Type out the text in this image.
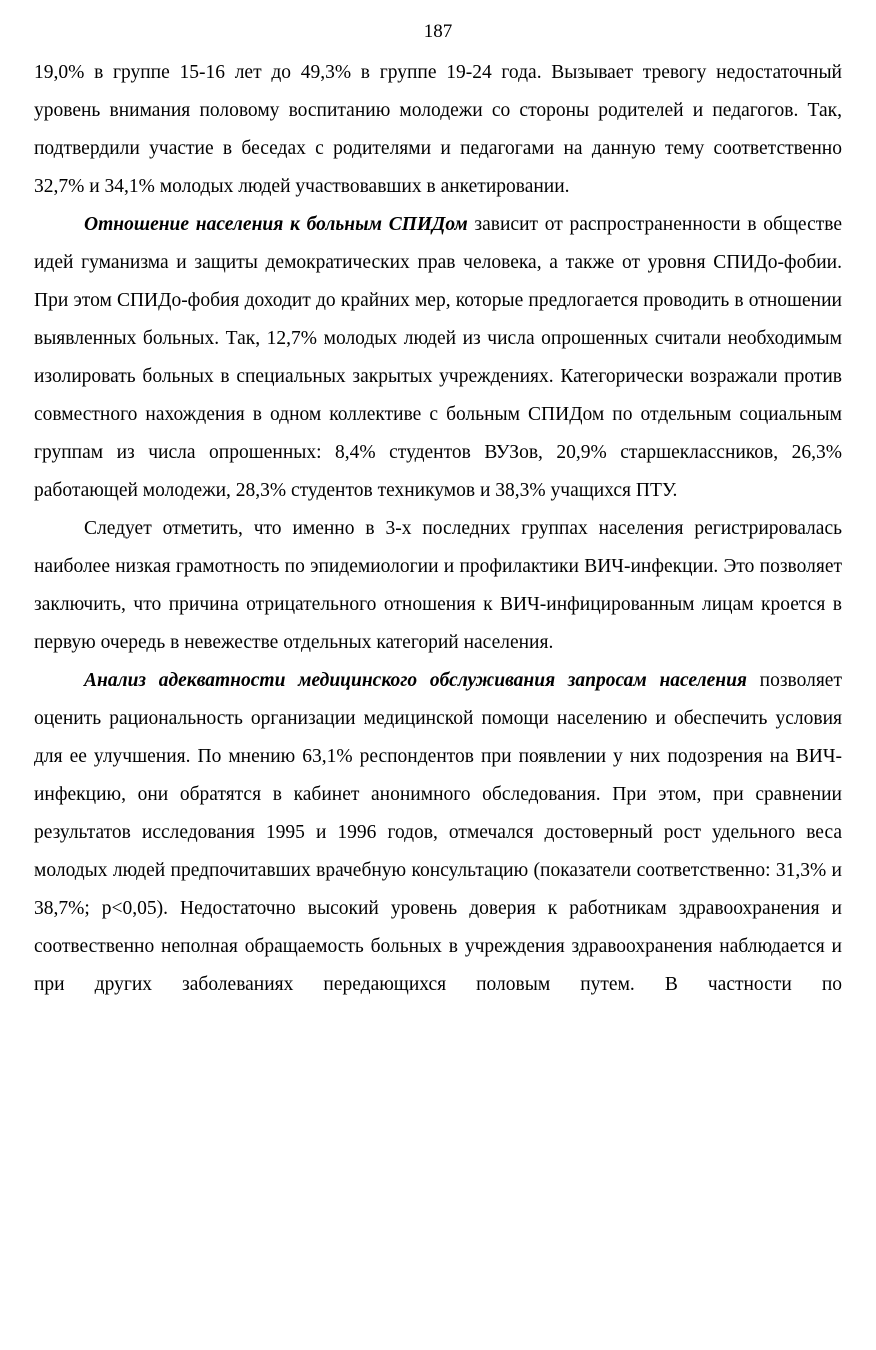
187

19,0% в группе 15-16 лет до 49,3% в группе 19-24 года. Вызывает тревогу недостаточный уровень внимания половому воспитанию молодежи со стороны родителей и педагогов. Так, подтвердили участие в беседах с родителями и педагогами на данную тему соответственно 32,7% и 34,1% молодых людей участвовавших в анкетировании.

Отношение населения к больным СПИДом зависит от распространенности в обществе идей гуманизма и защиты демократических прав человека, а также от уровня СПИДо-фобии. При этом СПИДо-фобия доходит до крайних мер, которые предлогается проводить в отношении выявленных больных. Так, 12,7% молодых людей из числа опрошенных считали необходимым изолировать больных в специальных закрытых учреждениях. Категорически возражали против совместного нахождения в одном коллективе с больным СПИДом по отдельным социальным группам из числа опрошенных: 8,4% студентов ВУЗов, 20,9% старшеклассников, 26,3% работающей молодежи, 28,3% студентов техникумов и 38,3% учащихся ПТУ.

Следует отметить, что именно в 3-х последних группах населения регистрировалась наиболее низкая грамотность по эпидемиологии и профилактики ВИЧ-инфекции. Это позволяет заключить, что причина отрицательного отношения к ВИЧ-инфицированным лицам кроется в первую очередь в невежестве отдельных категорий населения.

Анализ адекватности медицинского обслуживания запросам населения позволяет оценить рациональность организации медицинской помощи населению и обеспечить условия для ее улучшения. По мнению 63,1% респондентов при появлении у них подозрения на ВИЧ-инфекцию, они обратятся в кабинет анонимного обследования. При этом, при сравнении результатов исследования 1995 и 1996 годов, отмечался достоверный рост удельного веса молодых людей предпочитавших врачебную консультацию (показатели соответственно: 31,3% и 38,7%; p<0,05). Недостаточно высокий уровень доверия к работникам здравоохранения и соотвественно неполная обращаемость больных в учреждения здравоохранения наблюдается и при других заболеваниях передающихся половым путем. В частности по
